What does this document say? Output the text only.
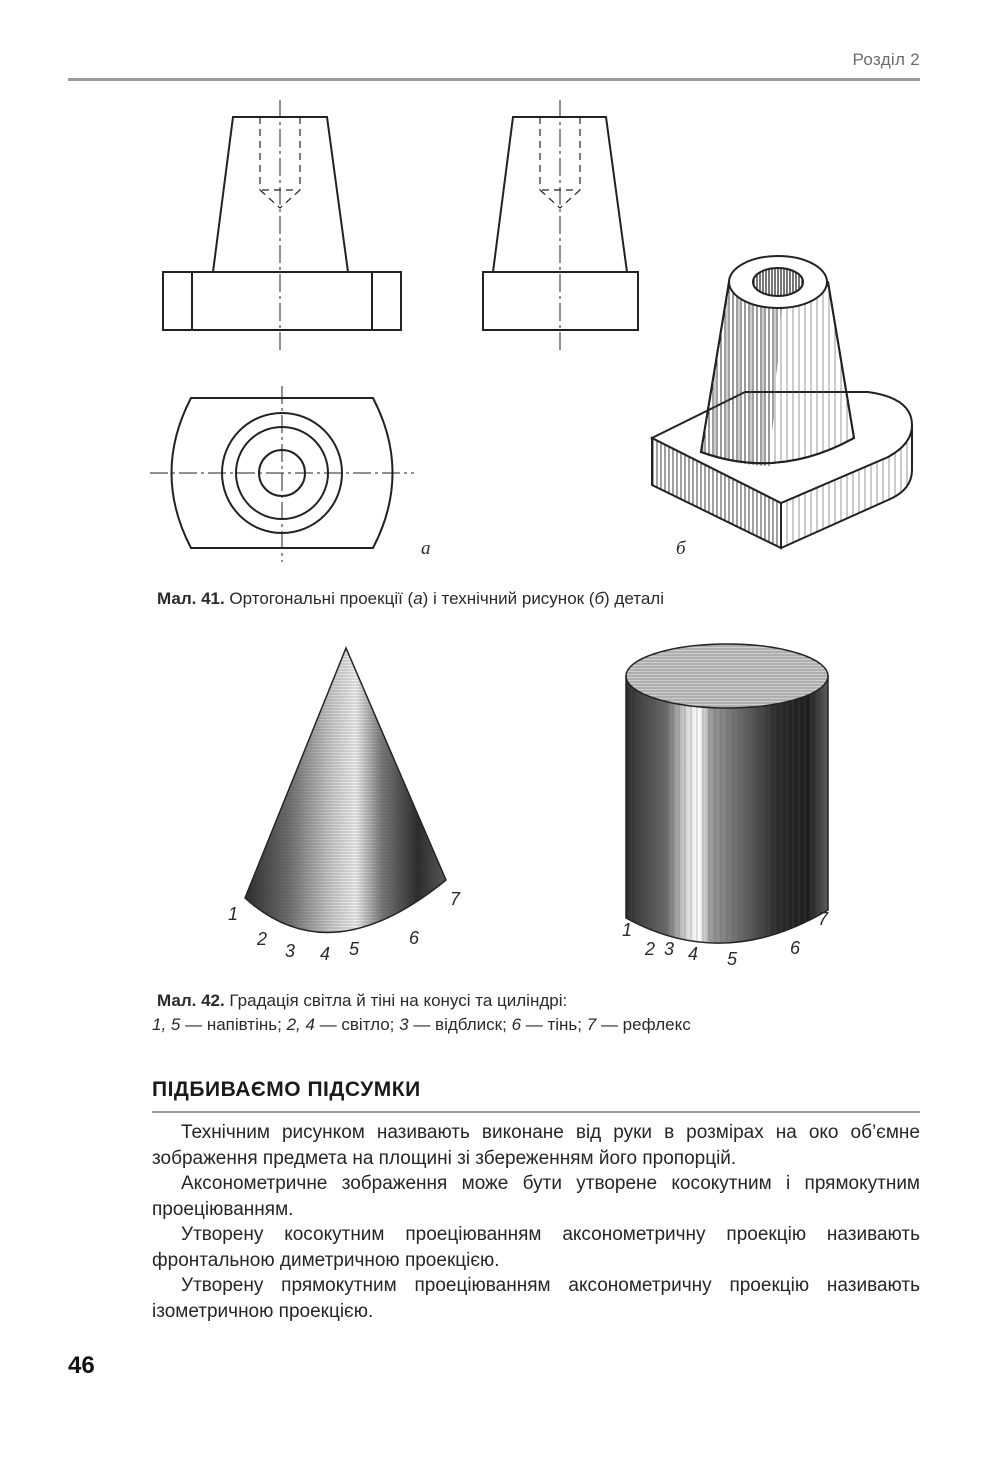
Розділ 2
а	б
Мал. 41. Ортогональні проекції (а) і технічний рисунок (б) деталі
1
2
3 4 5
6
7
1
2 3 4 5
6
7
Мал. 42. Градація світла й тіні на конусі та циліндрі:
1, 5 — напівтінь; 2, 4 — світло; 3 — відблиск; 6 — тінь; 7 — рефлекс
ПІДБИВАЄМО ПІДСУМКИ

Технічним рисунком називають виконане від руки в розмірах на око об’ємне зображення предмета на площині зі збереженням його пропорцій.

Аксонометричне зображення може бути утворене косокутним і прямокутним проеціюванням.

Утворену косокутним проеціюванням аксонометричну проекцію називають фронтальною диметричною проекцією.

Утворену прямокутним проеціюванням аксонометричну проекцію називають ізометричною проекцією.

46
